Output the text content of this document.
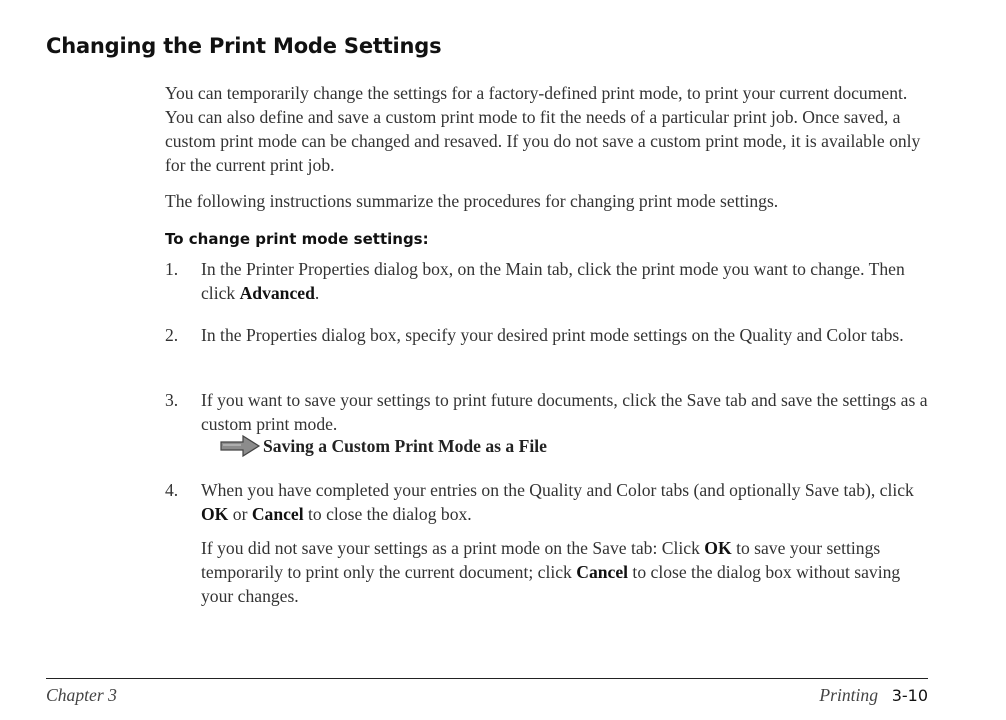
Changing the Print Mode Settings

You can temporarily change the settings for a factory-defined print mode, to print your current document. You can also define and save a custom print mode to fit the needs of a particular print job. Once saved, a custom print mode can be changed and resaved. If you do not save a custom print mode, it is available only for the current print job.

The following instructions summarize the procedures for changing print mode settings.

To change print mode settings:
1.	In the Printer Properties dialog box, on the Main tab, click the print mode you want to change. Then click Advanced.

2.	In the Properties dialog box, specify your desired print mode settings on the Quality and Color tabs.

3.	If you want to save your settings to print future documents, click the Save tab and save the settings as a custom print mode.

Saving a Custom Print Mode as a File
4.	When you have completed your entries on the Quality and Color tabs (and optionally Save tab), click OK or Cancel to close the dialog box.

If you did not save your settings as a print mode on the Save tab: Click OK to save your settings temporarily to print only the current document; click Cancel to close the dialog box without saving your changes.

Chapter 3	Printing 3-10
